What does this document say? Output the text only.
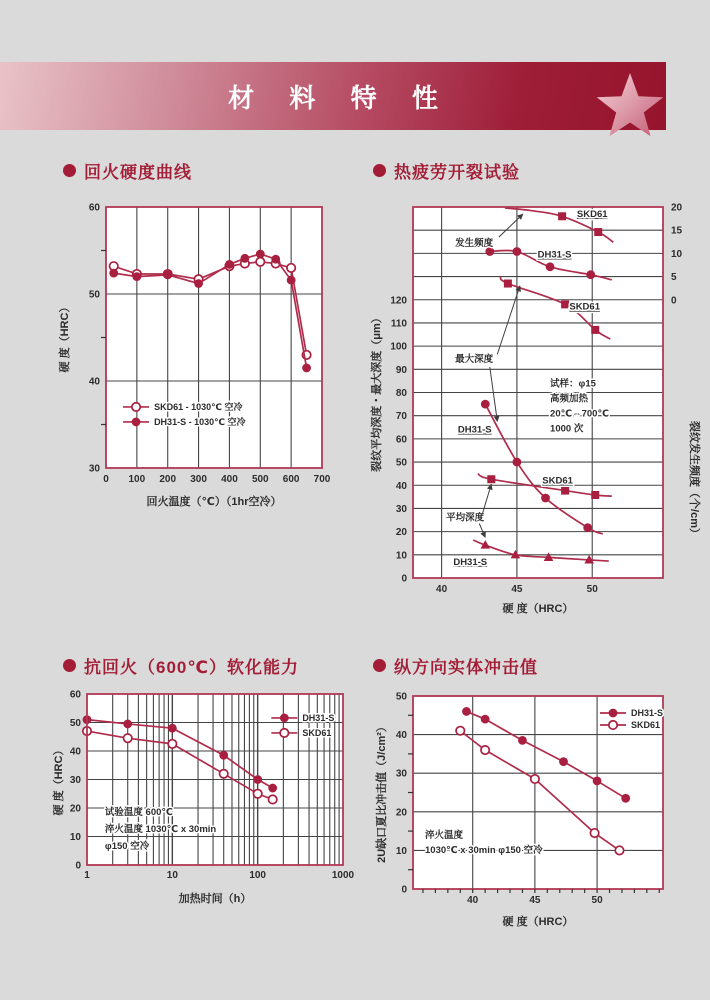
材 料 特 性
回火硬度曲线	热疲劳开裂试验
抗回火（600℃）软化能力	纵方向实体冲击值
0 100 200 300 400 500 600 700
30
40
50
60
回火温度（℃）（1hr空冷）
硬 度（HRC）
SKD61 - 1030℃ 空冷
DH31-S - 1030℃ 空冷
40	45	50
0
10
20
30
40
50
60
70
80
90
100
110
120	0
5
10
15
20
硬 度（HRC）
裂纹平均深度・最大深度（μm）
裂纹发生频度（个/cm）
试样：φ15
高频加热
20℃⇔700℃
1000 次
发生频度
SKD61
DH31-S
最大深度
SKD61
DH31-S
平均深度
SKD61
DH31-S
1	10	100	1000
0
10
20
30
40
50
60
加热时间（h）
硬 度（HRC）
DH31-S
SKD61
试验温度 600℃
淬火温度 1030℃ x 30min
φ150 空冷
40	45	50
0
10
20
30
40
50
硬 度（HRC）
2U缺口夏比冲击值（J/cm²）
DH31-S
SKD61
淬火温度
1030℃ x 30min φ150 空冷
